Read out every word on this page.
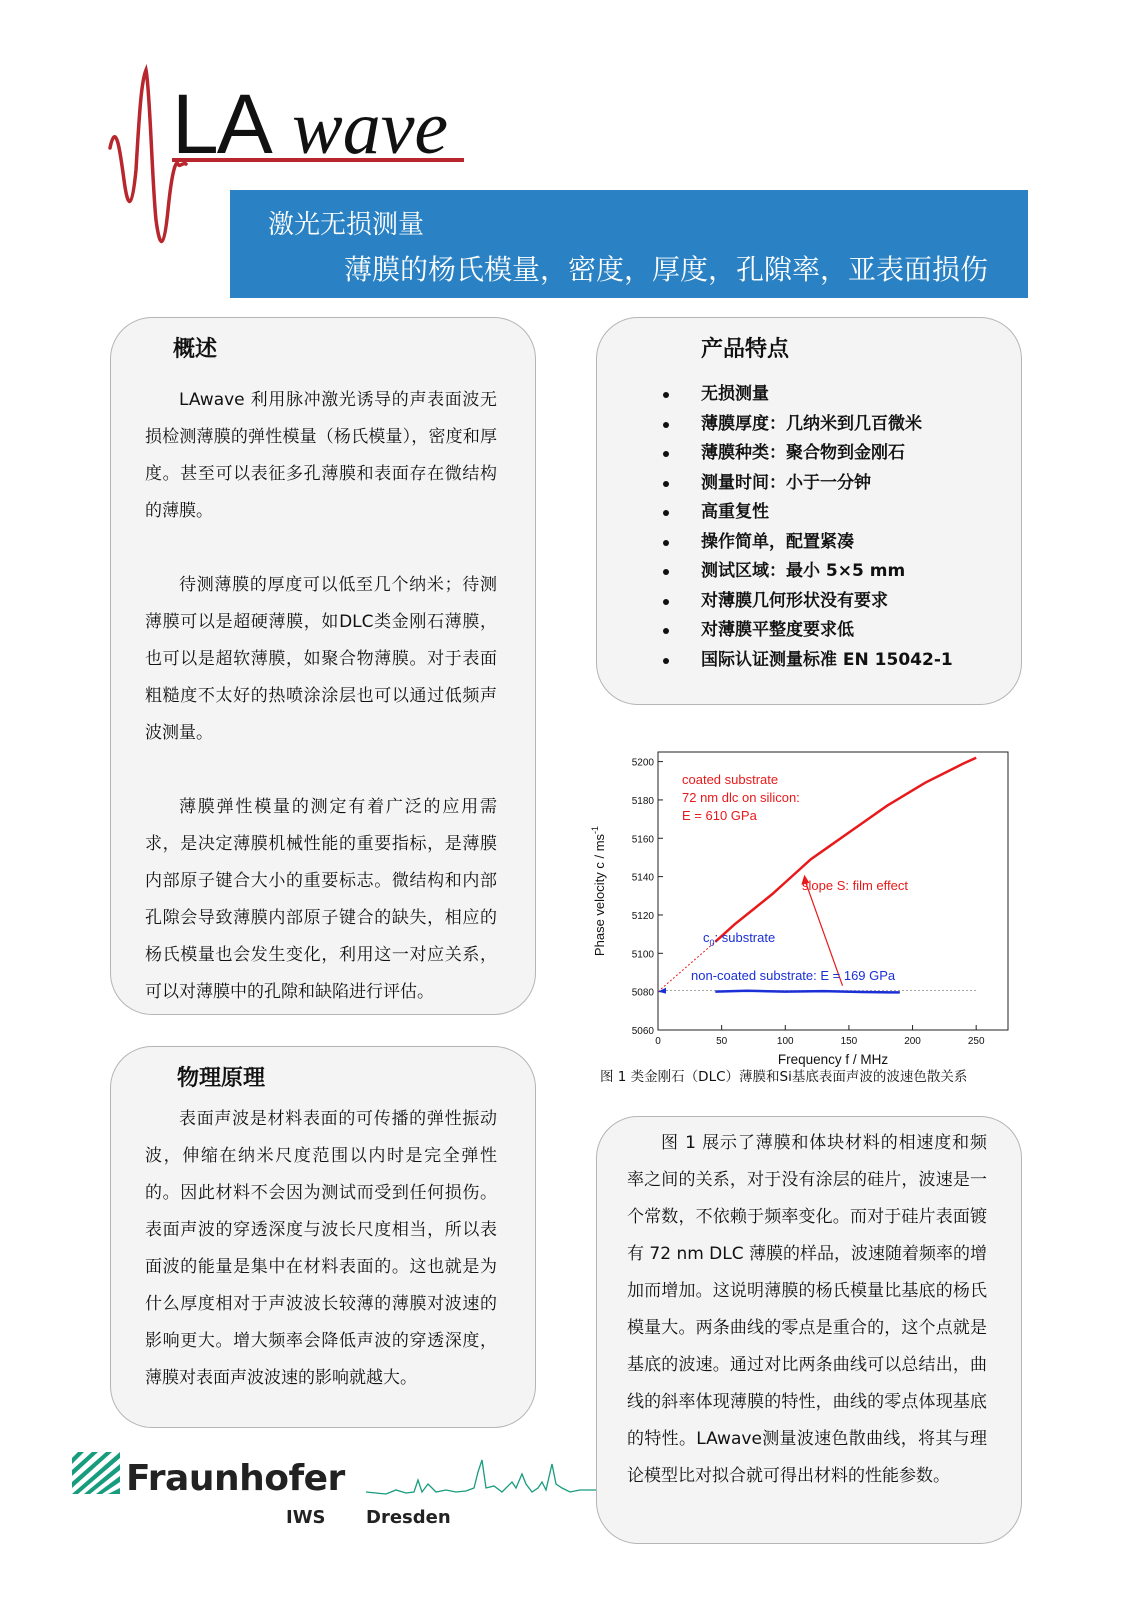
LA wave
激光无损测量
薄膜的杨氏模量，密度，厚度，孔隙率，亚表面损伤
概述

LAwave 利用脉冲激光诱导的声表面波无损检测薄膜的弹性模量（杨氏模量），密度和厚度。甚至可以表征多孔薄膜和表面存在微结构的薄膜。

待测薄膜的厚度可以低至几个纳米；待测薄膜可以是超硬薄膜，如DLC类金刚石薄膜，也可以是超软薄膜，如聚合物薄膜。对于表面粗糙度不太好的热喷涂涂层也可以通过低频声波测量。

薄膜弹性模量的测定有着广泛的应用需求，是决定薄膜机械性能的重要指标，是薄膜内部原子键合大小的重要标志。微结构和内部孔隙会导致薄膜内部原子键合的缺失，相应的杨氏模量也会发生变化，利用这一对应关系，可以对薄膜中的孔隙和缺陷进行评估。

产品特点
无损测量
薄膜厚度：几纳米到几百微米
薄膜种类：聚合物到金刚石
测量时间：小于一分钟
高重复性
操作简单，配置紧凑
测试区域：最小 5×5 mm
对薄膜几何形状没有要求
对薄膜平整度要求低
国际认证测量标准 EN 15042-1
5060
5080
5100
5120
5140
5160
5180
5200
0	50	100	150	200	250
coated substrate
72 nm dlc on silicon:
E = 610 GPa
slope S: film effect
$c_0$: substrate
non-coated substrate: E = 169 GPa
Frequency f / MHz
Phase velocity c / $ms^{-1}$
图 1 类金刚石（DLC）薄膜和Si基底表面声波的波速色散关系
物理原理

表面声波是材料表面的可传播的弹性振动波，伸缩在纳米尺度范围以内时是完全弹性的。因此材料不会因为测试而受到任何损伤。表面声波的穿透深度与波长尺度相当，所以表面波的能量是集中在材料表面的。这也就是为什么厚度相对于声波波长较薄的薄膜对波速的影响更大。增大频率会降低声波的穿透深度，薄膜对表面声波波速的影响就越大。

图 1 展示了薄膜和体块材料的相速度和频率之间的关系，对于没有涂层的硅片，波速是一个常数，不依赖于频率变化。而对于硅片表面镀有 72 nm DLC 薄膜的样品，波速随着频率的增加而增加。这说明薄膜的杨氏模量比基底的杨氏模量大。两条曲线的零点是重合的，这个点就是基底的波速。通过对比两条曲线可以总结出，曲线的斜率体现薄膜的特性，曲线的零点体现基底的特性。LAwave测量波速色散曲线，将其与理论模型比对拟合就可得出材料的性能参数。

Fraunhofer
IWS Dresden
